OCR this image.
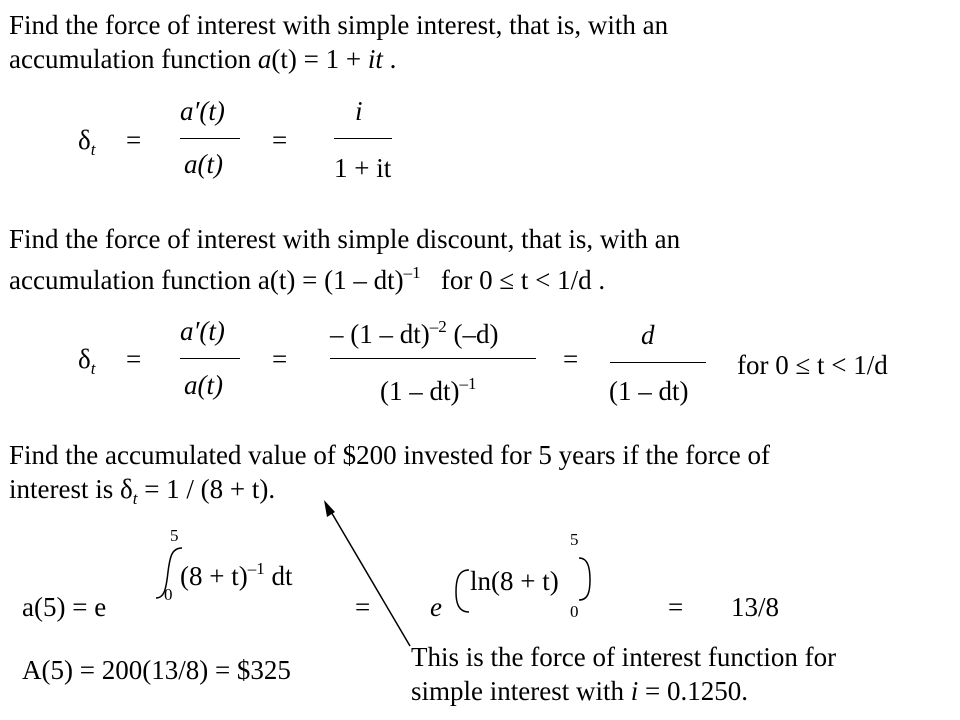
Find the force of interest with simple interest, that is, with an
accumulation function a(t) = 1 + it .
$\delta_t$ =
a′(t)
a(t)
=
i
1 + it
Find the force of interest with simple discount, that is, with an
accumulation function a(t) = (1 – dt)$^{-1}$ for 0 ≤ t < 1/d .
$\delta_t$ =
a′(t)
a(t)
=
– (1 – dt)$^{-2}$ (–d)
(1 – dt)$^{-1}$
=
d
(1 – dt)
for 0 ≤ t < 1/d
Find the accumulated value of $200 invested for 5 years if the force of
interest is $\delta_t = 1 / (8 + t)$.
a(5) = e
5
0
$(8 + t)^{-1}$ dt
= e
5
ln(8 + t)
0	= 13/8
A(5) = 200(13/8) = $325	This is the force of interest function for
simple interest with i = 0.1250.
